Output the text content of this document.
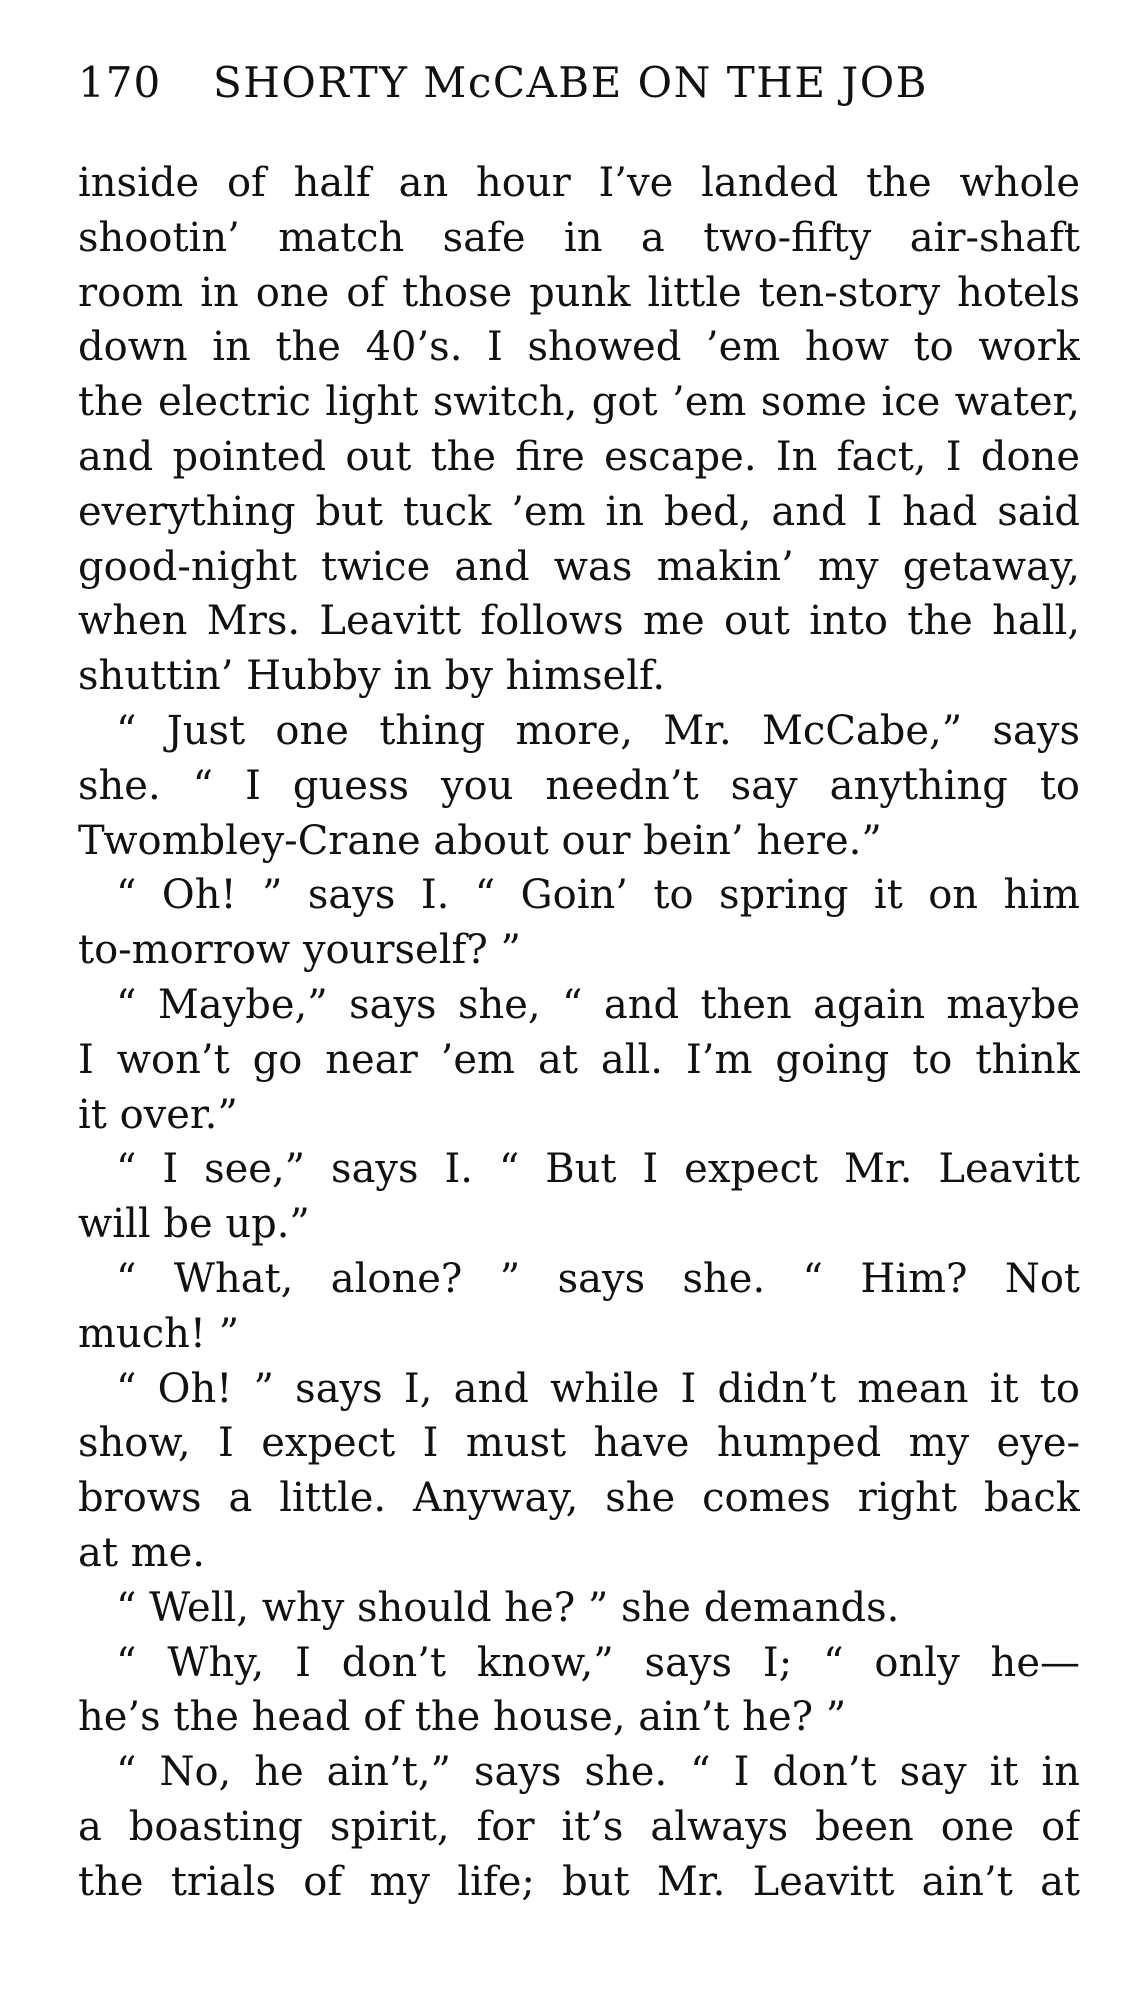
170	SHORTY McCABE ON THE JOB
inside of half an hour I’ve landed the whole
shootin’ match safe in a two-fifty air-shaft
room in one of those punk little ten-story hotels
down in the 40’s. I showed ’em how to work
the electric light switch, got ’em some ice water,
and pointed out the fire escape. In fact, I done
everything but tuck ’em in bed, and I had said
good-night twice and was makin’ my getaway,
when Mrs. Leavitt follows me out into the hall,
shuttin’ Hubby in by himself.
“ Just one thing more, Mr. McCabe,” says
she. “ I guess you needn’t say anything to
Twombley-Crane about our bein’ here.”
“ Oh! ” says I. “ Goin’ to spring it on him
to-morrow yourself? ”
“ Maybe,” says she, “ and then again maybe
I won’t go near ’em at all. I’m going to think
it over.”
“ I see,” says I. “ But I expect Mr. Leavitt
will be up.”
“ What, alone? ” says she. “ Him? Not
much! ”
“ Oh! ” says I, and while I didn’t mean it to
show, I expect I must have humped my eye-
brows a little. Anyway, she comes right back
at me.
“ Well, why should he? ” she demands.
“ Why, I don’t know,” says I; “ only he—
he’s the head of the house, ain’t he? ”
“ No, he ain’t,” says she. “ I don’t say it in
a boasting spirit, for it’s always been one of
the trials of my life; but Mr. Leavitt ain’t at
